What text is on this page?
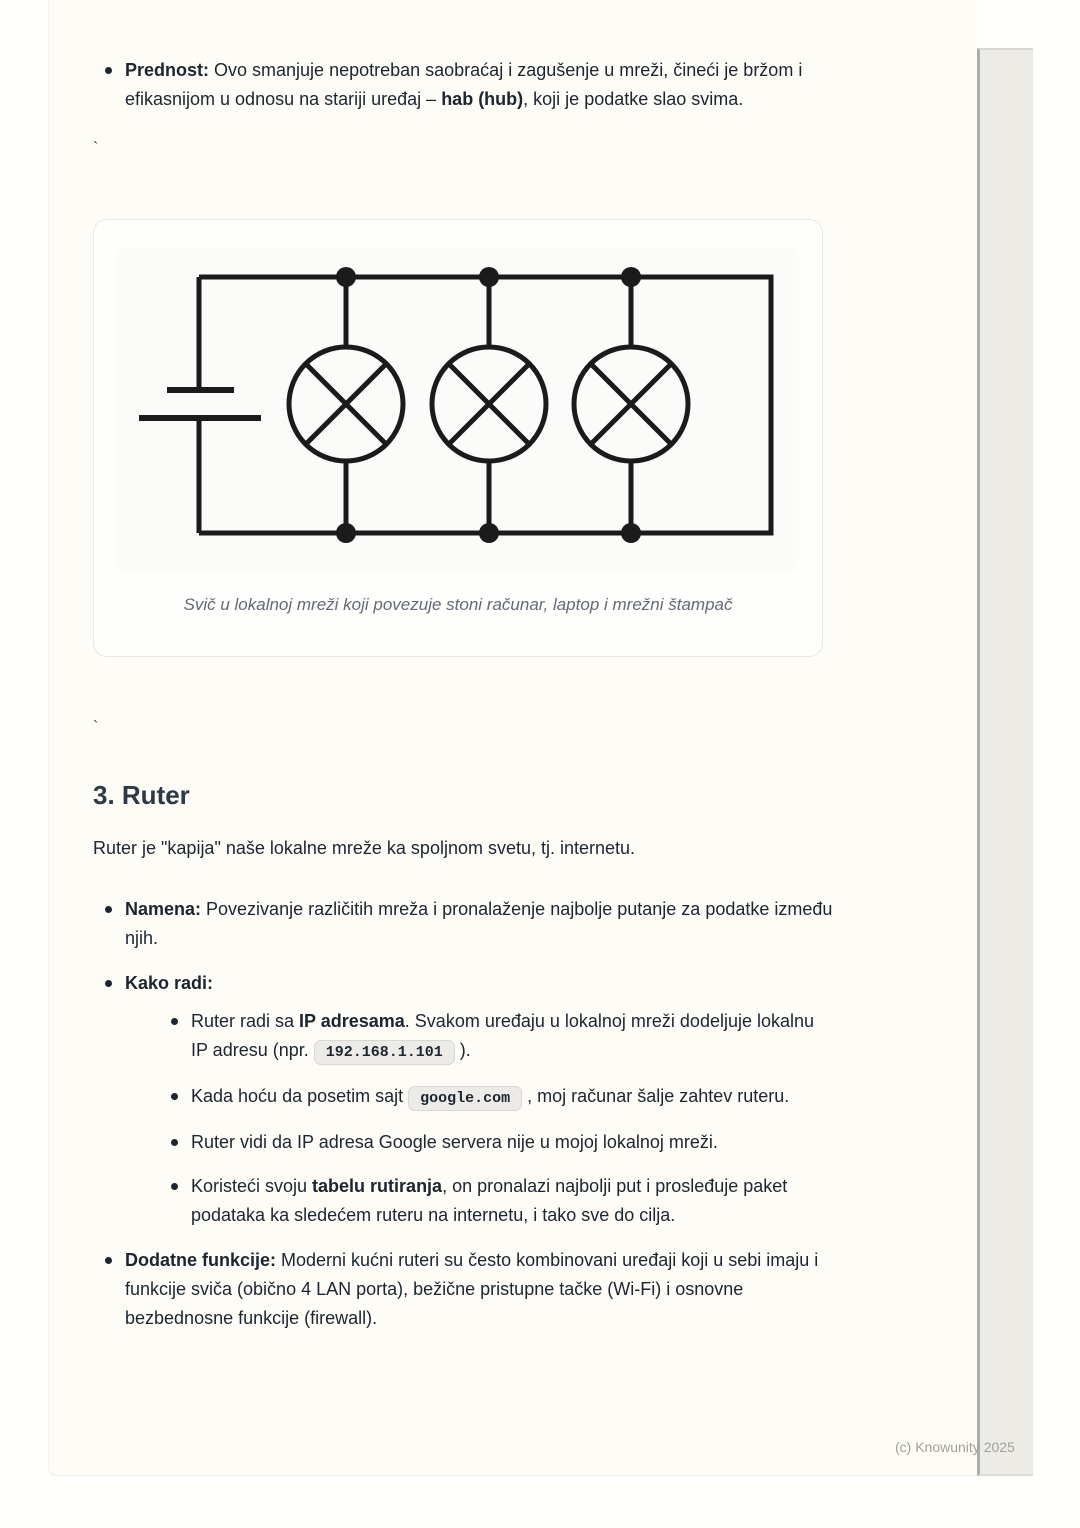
Prednost: Ovo smanjuje nepotreban saobraćaj i zagušenje u mreži, čineći je bržom i efikasnijom u odnosu na stariji uređaj – hab (hub), koji je podatke slao svima.
`
Svič u lokalnoj mreži koji povezuje stoni računar, laptop i mrežni štampač
`
3. Ruter

Ruter je "kapija" naše lokalne mreže ka spoljnom svetu, tj. internetu.

Namena: Povezivanje različitih mreža i pronalaženje najbolje putanje za podatke između njih.
Kako radi:
Ruter radi sa IP adresama. Svakom uređaju u lokalnoj mreži dodeljuje lokalnu IP adresu (npr. 192.168.1.101 ).
Kada hoću da posetim sajt google.com , moj računar šalje zahtev ruteru.
Ruter vidi da IP adresa Google servera nije u mojoj lokalnoj mreži.
Koristeći svoju tabelu rutiranja, on pronalazi najbolji put i prosleđuje paket podataka ka sledećem ruteru na internetu, i tako sve do cilja.
Dodatne funkcije: Moderni kućni ruteri su često kombinovani uređaji koji u sebi imaju i funkcije sviča (obično 4 LAN porta), bežične pristupne tačke (Wi-Fi) i osnovne bezbednosne funkcije (firewall).
(c) Knowunity 2025
